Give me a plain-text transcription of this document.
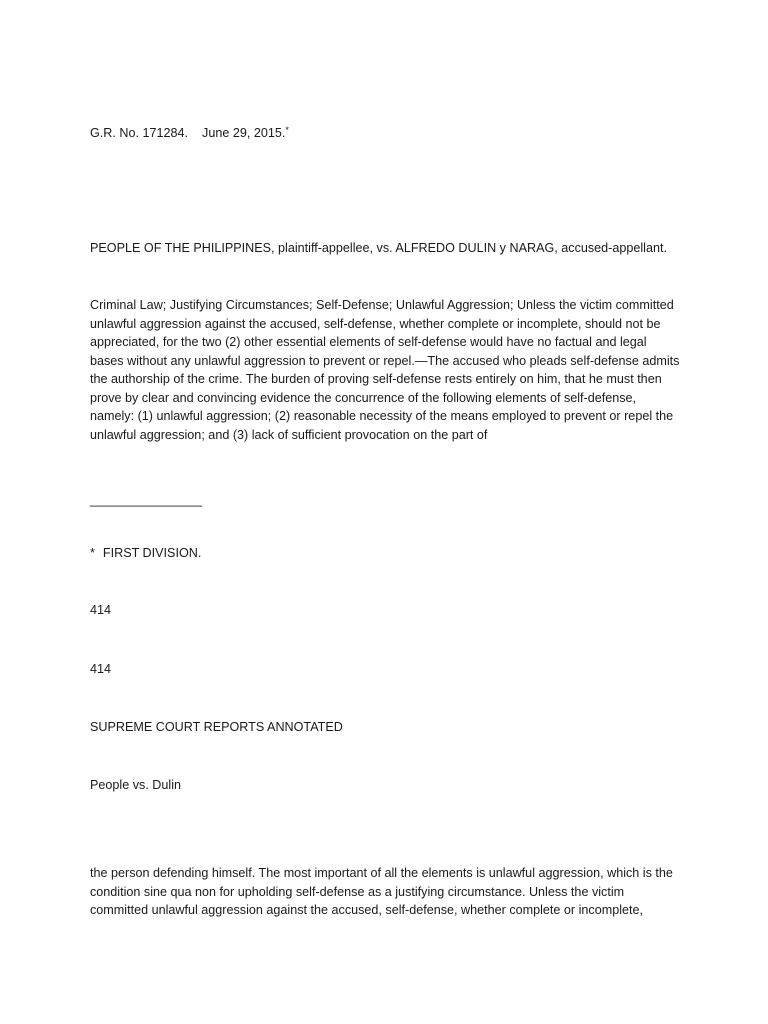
G.R. No. 171284. June 29, 2015.*

PEOPLE OF THE PHILIPPINES, plaintiff-appellee, vs. ALFREDO DULIN y NARAG, accused-appellant.

Criminal Law; Justifying Circumstances; Self-Defense; Unlawful Aggression; Unless the victim committed unlawful aggression against the accused, self-defense, whether complete or incomplete, should not be appreciated, for the two (2) other essential elements of self-defense would have no factual and legal bases without any unlawful aggression to prevent or repel.—The accused who pleads self-defense admits the authorship of the crime. The burden of proving self-defense rests entirely on him, that he must then prove by clear and convincing evidence the concurrence of the following elements of self-defense, namely: (1) unlawful aggression; (2) reasonable necessity of the means employed to prevent or repel the unlawful aggression; and (3) lack of sufficient provocation on the part of

________________

* FIRST DIVISION.

414

414

SUPREME COURT REPORTS ANNOTATED

People vs. Dulin

the person defending himself. The most important of all the elements is unlawful aggression, which is the condition sine qua non for upholding self-defense as a justifying circumstance. Unless the victim committed unlawful aggression against the accused, self-defense, whether complete or incomplete,
